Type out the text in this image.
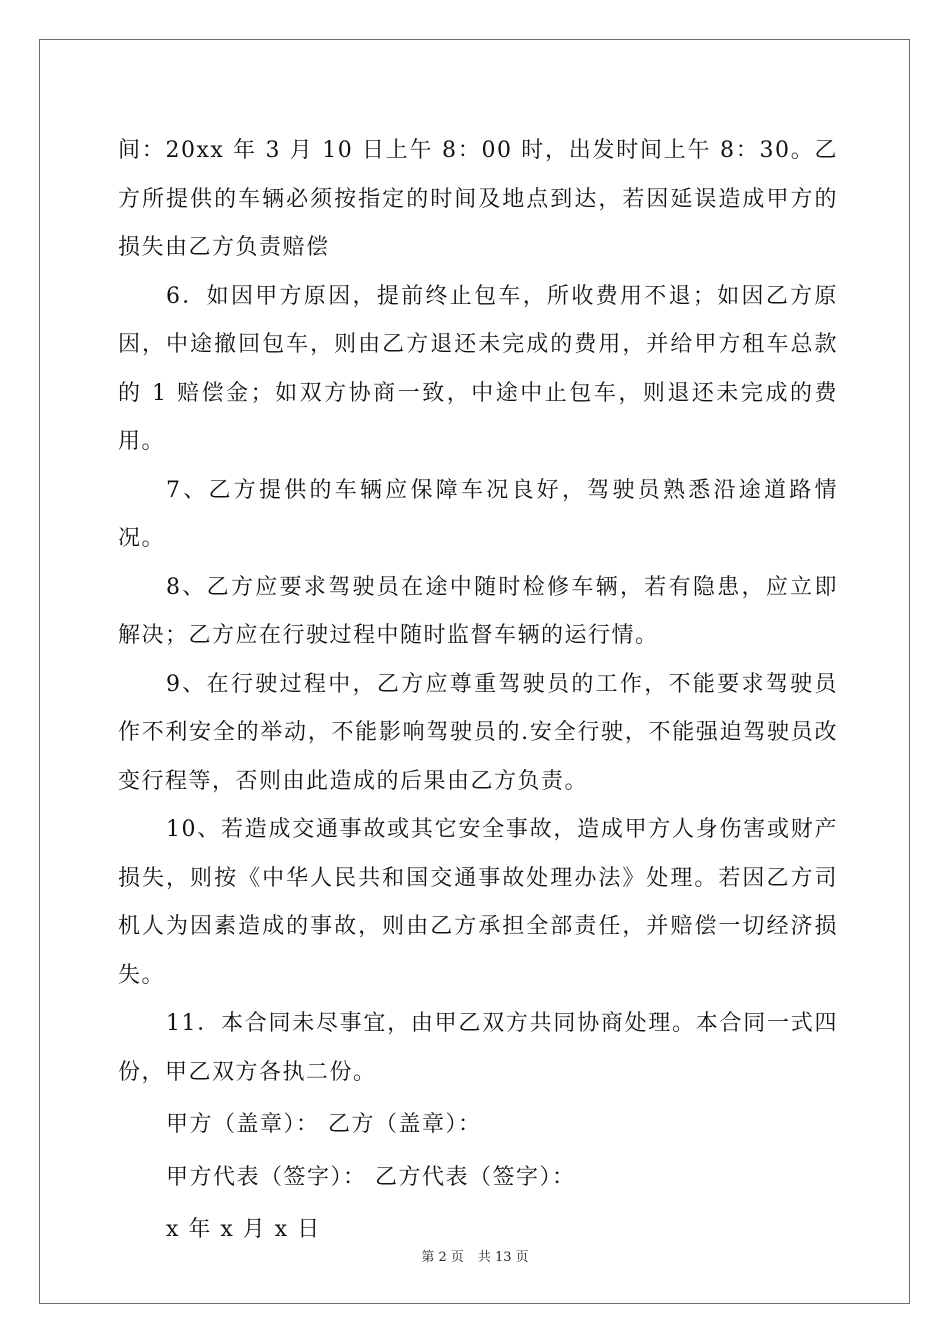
间：20xx 年 3 月 10 日上午 8：00 时，出发时间上午 8：30。乙方所提供的车辆必须按指定的时间及地点到达，若因延误造成甲方的损失由乙方负责赔偿

6．如因甲方原因，提前终止包车，所收费用不退；如因乙方原因，中途撤回包车，则由乙方退还未完成的费用，并给甲方租车总款的 1 赔偿金；如双方协商一致，中途中止包车，则退还未完成的费用。

7、乙方提供的车辆应保障车况良好，驾驶员熟悉沿途道路情况。

8、乙方应要求驾驶员在途中随时检修车辆，若有隐患，应立即解决；乙方应在行驶过程中随时监督车辆的运行情。

9、在行驶过程中，乙方应尊重驾驶员的工作，不能要求驾驶员作不利安全的举动，不能影响驾驶员的.安全行驶，不能强迫驾驶员改变行程等，否则由此造成的后果由乙方负责。

10、若造成交通事故或其它安全事故，造成甲方人身伤害或财产损失，则按《中华人民共和国交通事故处理办法》处理。若因乙方司机人为因素造成的事故，则由乙方承担全部责任，并赔偿一切经济损失。

11．本合同未尽事宜，由甲乙双方共同协商处理。本合同一式四份，甲乙双方各执二份。

甲方（盖章）： 乙方（盖章）：

甲方代表（签字）： 乙方代表（签字）：

x 年 x 月 x 日

第 2 页 共 13 页
